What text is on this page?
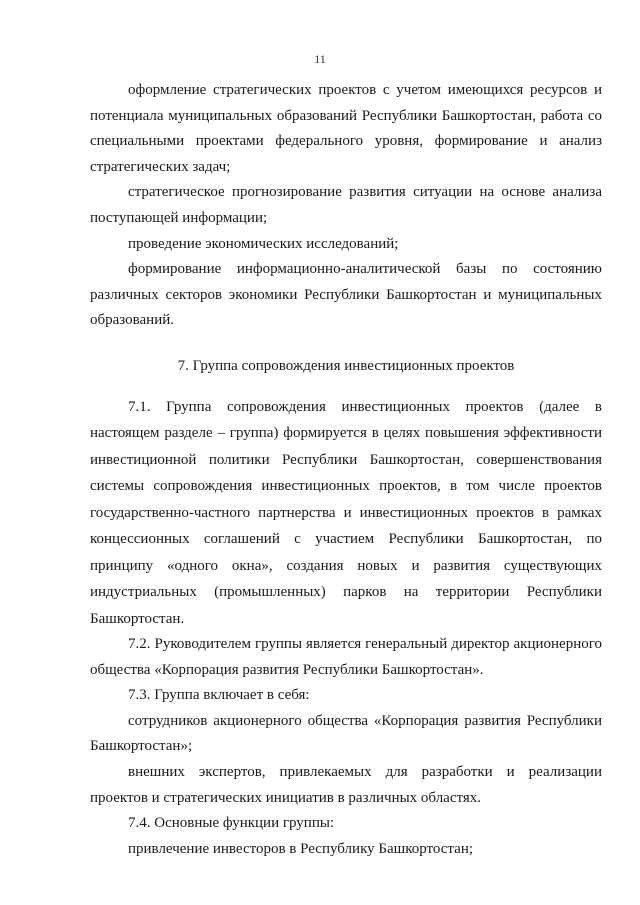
11

оформление стратегических проектов с учетом имеющихся ресурсов и потенциала муниципальных образований Республики Башкортостан, работа со специальными проектами федерального уровня, формирование и анализ стратегических задач;

стратегическое прогнозирование развития ситуации на основе анализа поступающей информации;

проведение экономических исследований;

формирование информационно-аналитической базы по состоянию различных секторов экономики Республики Башкортостан и муниципальных образований.

7. Группа сопровождения инвестиционных проектов

7.1. Группа сопровождения инвестиционных проектов (далее в настоящем разделе – группа) формируется в целях повышения эффективности инвестиционной политики Республики Башкортостан, совершенствования системы сопровождения инвестиционных проектов, в том числе проектов государственно-частного партнерства и инвестиционных проектов в рамках концессионных соглашений с участием Республики Башкортостан, по принципу «одного окна», создания новых и развития существующих индустриальных (промышленных) парков на территории Республики Башкортостан.

7.2. Руководителем группы является генеральный директор акционерного общества «Корпорация развития Республики Башкортостан».

7.3. Группа включает в себя:

сотрудников акционерного общества «Корпорация развития Республики Башкортостан»;

внешних экспертов, привлекаемых для разработки и реализации проектов и стратегических инициатив в различных областях.

7.4. Основные функции группы:

привлечение инвесторов в Республику Башкортостан;
